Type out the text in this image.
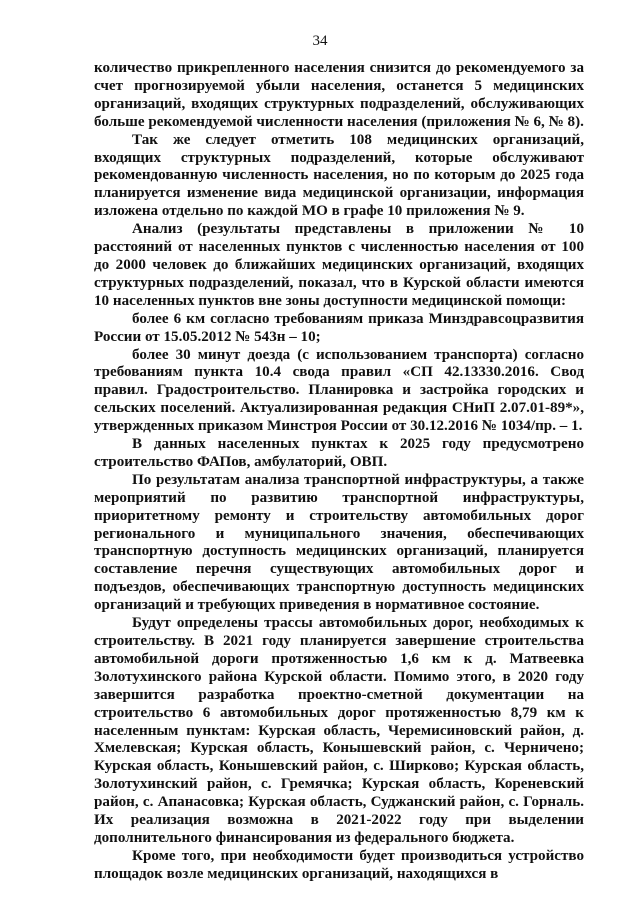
34

количество прикрепленного населения снизится до рекомендуемого за счет прогнозируемой убыли населения, останется 5 медицинских организаций, входящих структурных подразделений, обслуживающих больше рекомендуемой численности населения (приложения № 6, № 8).

Так же следует отметить 108 медицинских организаций, входящих структурных подразделений, которые обслуживают рекомендованную численность населения, но по которым до 2025 года планируется изменение вида медицинской организации, информация изложена отдельно по каждой МО в графе 10 приложения № 9.

Анализ (результаты представлены в приложении № 10 расстояний от населенных пунктов с численностью населения от 100 до 2000 человек до ближайших медицинских организаций, входящих структурных подразделений, показал, что в Курской области имеются 10 населенных пунктов вне зоны доступности медицинской помощи:

более 6 км согласно требованиям приказа Минздравсоцразвития России от 15.05.2012 № 543н – 10;

более 30 минут доезда (с использованием транспорта) согласно требованиям пункта 10.4 свода правил «СП 42.13330.2016. Свод правил. Градостроительство. Планировка и застройка городских и сельских поселений. Актуализированная редакция СНиП 2.07.01-89*», утвержденных приказом Минстроя России от 30.12.2016 № 1034/пр. – 1.

В данных населенных пунктах к 2025 году предусмотрено строительство ФАПов, амбулаторий, ОВП.

По результатам анализа транспортной инфраструктуры, а также мероприятий по развитию транспортной инфраструктуры, приоритетному ремонту и строительству автомобильных дорог регионального и муниципального значения, обеспечивающих транспортную доступность медицинских организаций, планируется составление перечня существующих автомобильных дорог и подъездов, обеспечивающих транспортную доступность медицинских организаций и требующих приведения в нормативное состояние.

Будут определены трассы автомобильных дорог, необходимых к строительству. В 2021 году планируется завершение строительства автомобильной дороги протяженностью 1,6 км к д. Матвеевка Золотухинского района Курской области. Помимо этого, в 2020 году завершится разработка проектно-сметной документации на строительство 6 автомобильных дорог протяженностью 8,79 км к населенным пунктам: Курская область, Черемисиновский район, д. Хмелевская; Курская область, Конышевский район, с. Черничено; Курская область, Конышевский район, с. Ширково; Курская область, Золотухинский район, с. Гремячка; Курская область, Кореневский район, с. Апанасовка; Курская область, Суджанский район, с. Горналь. Их реализация возможна в 2021-2022 году при выделении дополнительного финансирования из федерального бюджета.

Кроме того, при необходимости будет производиться устройство площадок возле медицинских организаций, находящихся в
